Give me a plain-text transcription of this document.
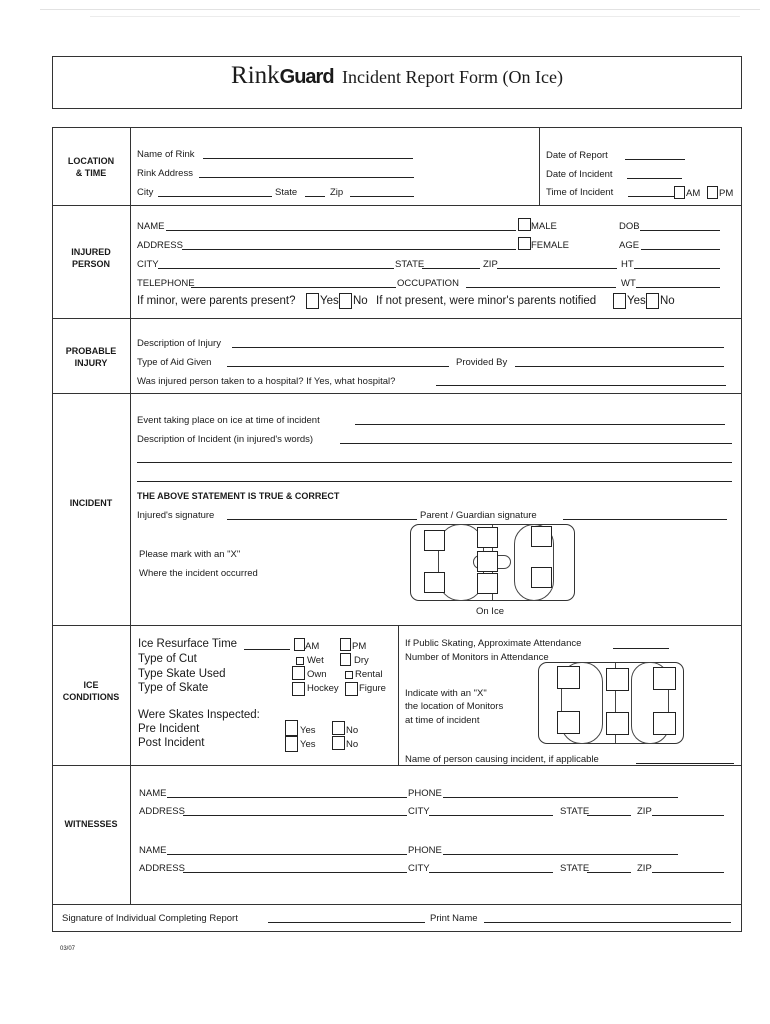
RinkGuard Incident Report Form (On Ice)
LOCATION
& TIME
INJURED
PERSON
PROBABLE
INJURY
INCIDENT
ICE
CONDITIONS
WITNESSES
Name of Rink
Rink Address
City	State	Zip
Date of Report
Date of Incident
Time of Incident	AM PM
NAME	MALE	DOB
ADDRESS	FEMALE	AGE
CITY	STATE	ZIP	HT
TELEPHONE	OCCUPATION	WT
If minor, were parents present? Yes No If not present, were minor's parents notified	Yes No
Description of Injury
Type of Aid Given	Provided By
Was injured person taken to a hospital? If Yes, what hospital?
Event taking place on ice at time of incident
Description of Incident (in injured's words)
THE ABOVE STATEMENT IS TRUE & CORRECT
Injured's signature	Parent / Guardian signature
Please mark with an "X"
Where the incident occurred
On Ice
Ice Resurface Time	AM	PM
Type of Cut	Wet	Dry
Type Skate Used	Own	Rental
Type of Skate	Hockey Figure
Were Skates Inspected:
Pre Incident	Yes	No
Post Incident	Yes	No
If Public Skating, Approximate Attendance
Number of Monitors in Attendance
Indicate with an "X"
the location of Monitors
at time of incident
Name of person causing incident, if applicable
NAME	PHONE
ADDRESS	CITY	STATE	ZIP
NAME	PHONE
ADDRESS	CITY	STATE	ZIP
Signature of Individual Completing Report	Print Name
03/07
